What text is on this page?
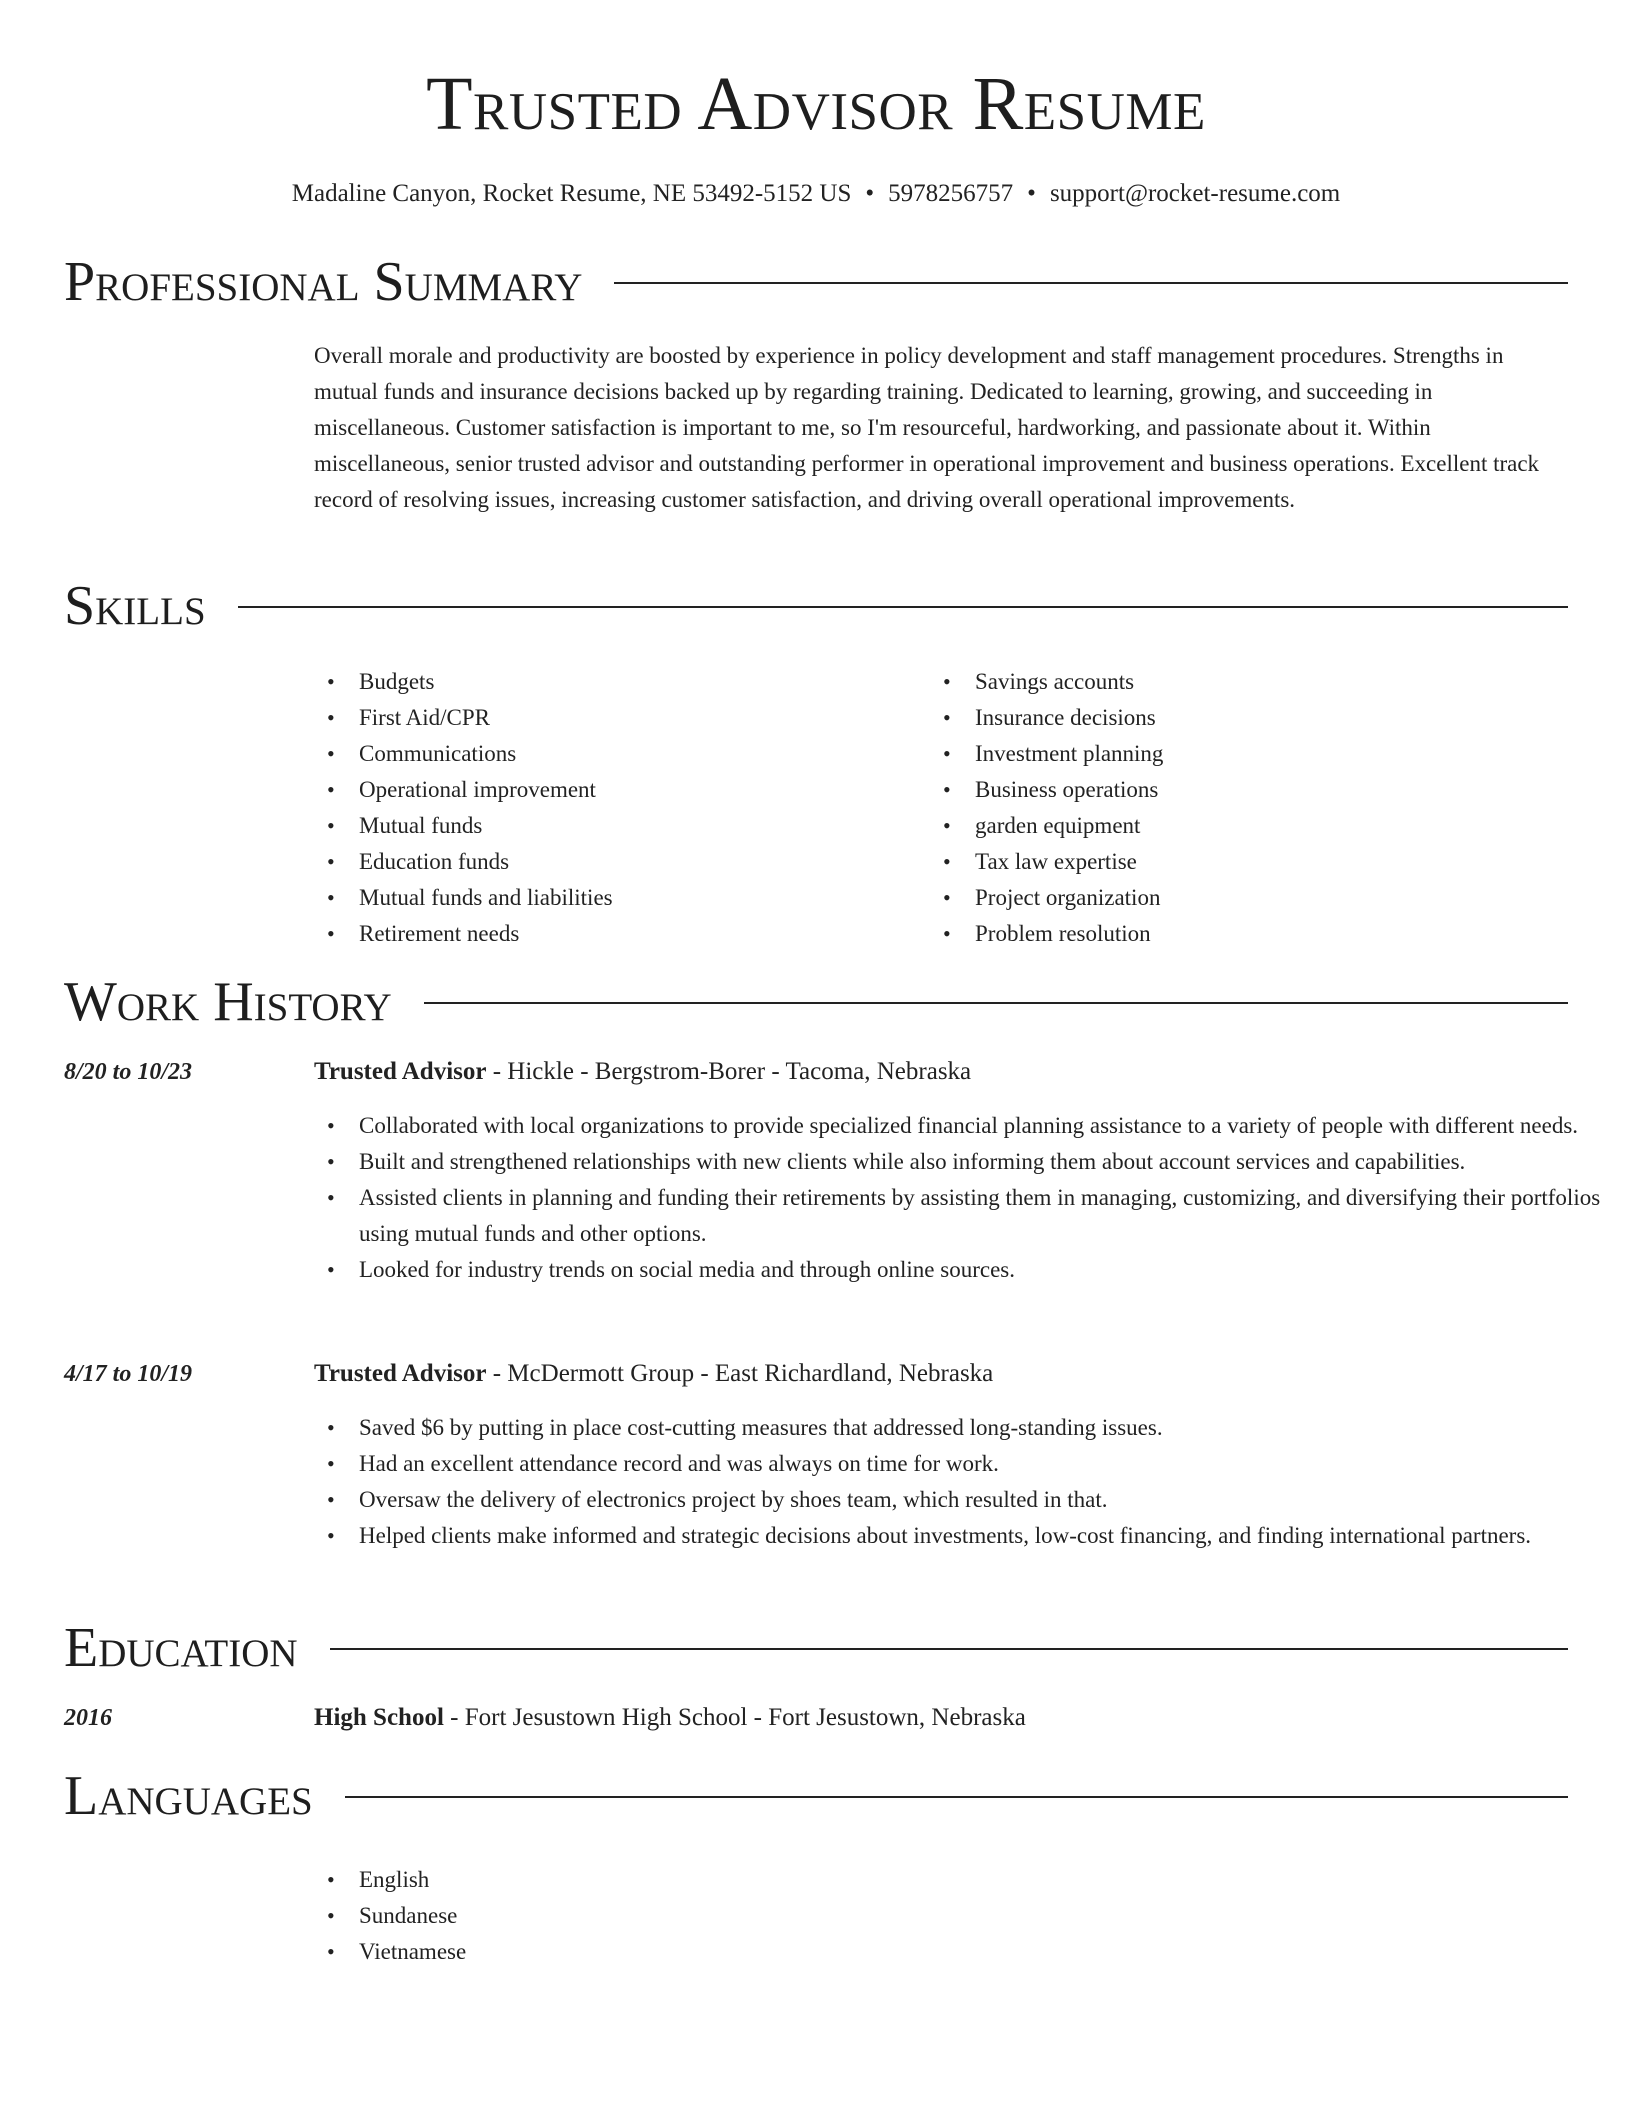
Trusted Advisor Resume
Madaline Canyon, Rocket Resume, NE 53492-5152 US • 5978256757 • support@rocket-resume.com
Professional Summary
Overall morale and productivity are boosted by experience in policy development and staff management procedures. Strengths in mutual funds and insurance decisions backed up by regarding training. Dedicated to learning, growing, and succeeding in miscellaneous. Customer satisfaction is important to me, so I'm resourceful, hardworking, and passionate about it. Within miscellaneous, senior trusted advisor and outstanding performer in operational improvement and business operations. Excellent track record of resolving issues, increasing customer satisfaction, and driving overall operational improvements.
Skills
• Budgets
• First Aid/CPR
• Communications
• Operational improvement
• Mutual funds
• Education funds
• Mutual funds and liabilities
• Retirement needs
• Savings accounts
• Insurance decisions
• Investment planning
• Business operations
• garden equipment
• Tax law expertise
• Project organization
• Problem resolution
Work History
8/20 to 10/23	Trusted Advisor - Hickle - Bergstrom-Borer - Tacoma, Nebraska
• Collaborated with local organizations to provide specialized financial planning assistance to a variety of people with different needs.
• Built and strengthened relationships with new clients while also informing them about account services and capabilities.
• Assisted clients in planning and funding their retirements by assisting them in managing, customizing, and diversifying their portfolios using mutual funds and other options.
• Looked for industry trends on social media and through online sources.
4/17 to 10/19	Trusted Advisor - McDermott Group - East Richardland, Nebraska
• Saved $6 by putting in place cost-cutting measures that addressed long-standing issues.
• Had an excellent attendance record and was always on time for work.
• Oversaw the delivery of electronics project by shoes team, which resulted in that.
• Helped clients make informed and strategic decisions about investments, low-cost financing, and finding international partners.
Education
2016	High School - Fort Jesustown High School - Fort Jesustown, Nebraska
Languages
• English
• Sundanese
• Vietnamese
